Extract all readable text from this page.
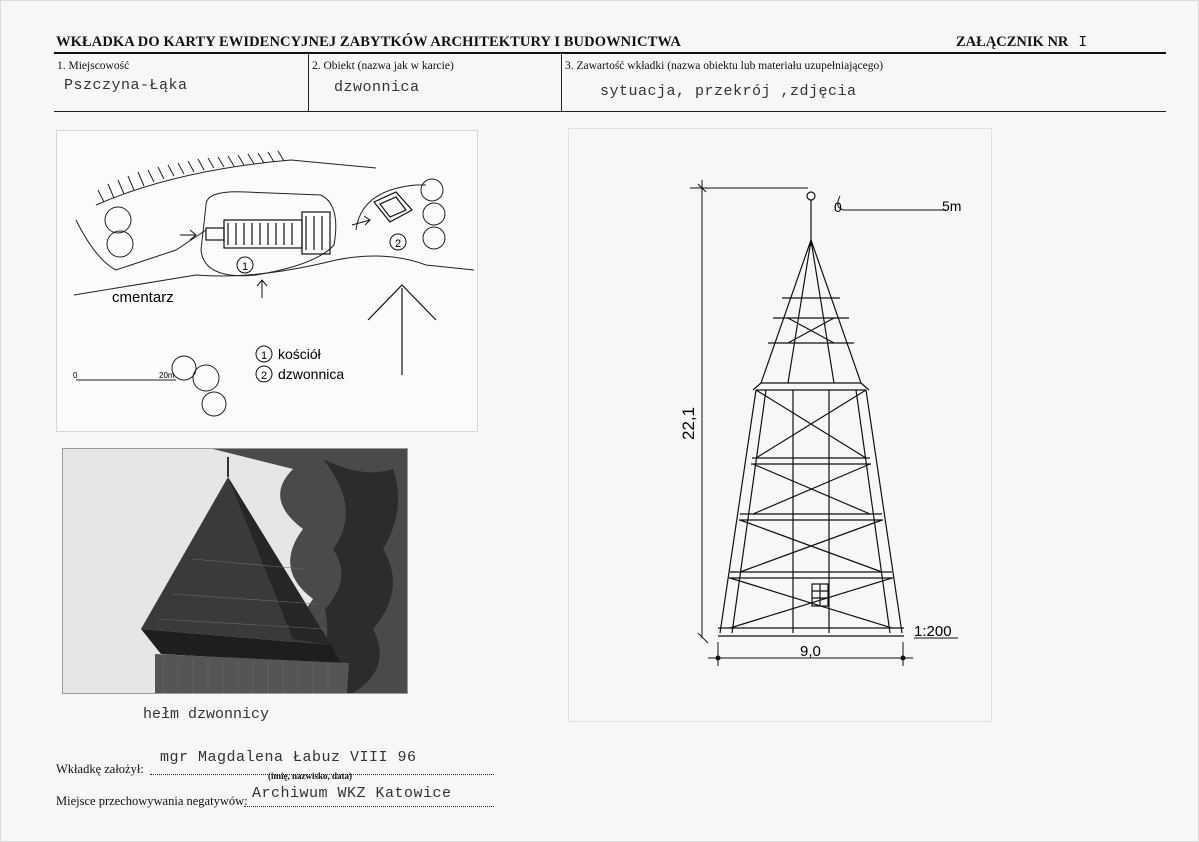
WKŁADKA DO KARTY EWIDENCYJNEJ ZABYTKÓW ARCHITEKTURY I BUDOWNICTWA	ZAŁĄCZNIK NR I
1. Miejscowość
Pszczyna-Łąka
2. Obiekt (nazwa jak w karcie)
dzwonnica
3. Zawartość wkładki (nazwa obiektu lub materiału uzupełniającego)
sytuacja, przekrój ,zdjęcia
1
2
cmentarz
1 kościół
2 dzwonnica
0	20m
hełm dzwonnicy
0	5m
22,1
9,0
1:200
Wkładkę założył:
mgr Magdalena Łabuz VIII 96
(imię, nazwisko, data)
Miejsce przechowywania negatywów: Archiwum WKZ Katowice
